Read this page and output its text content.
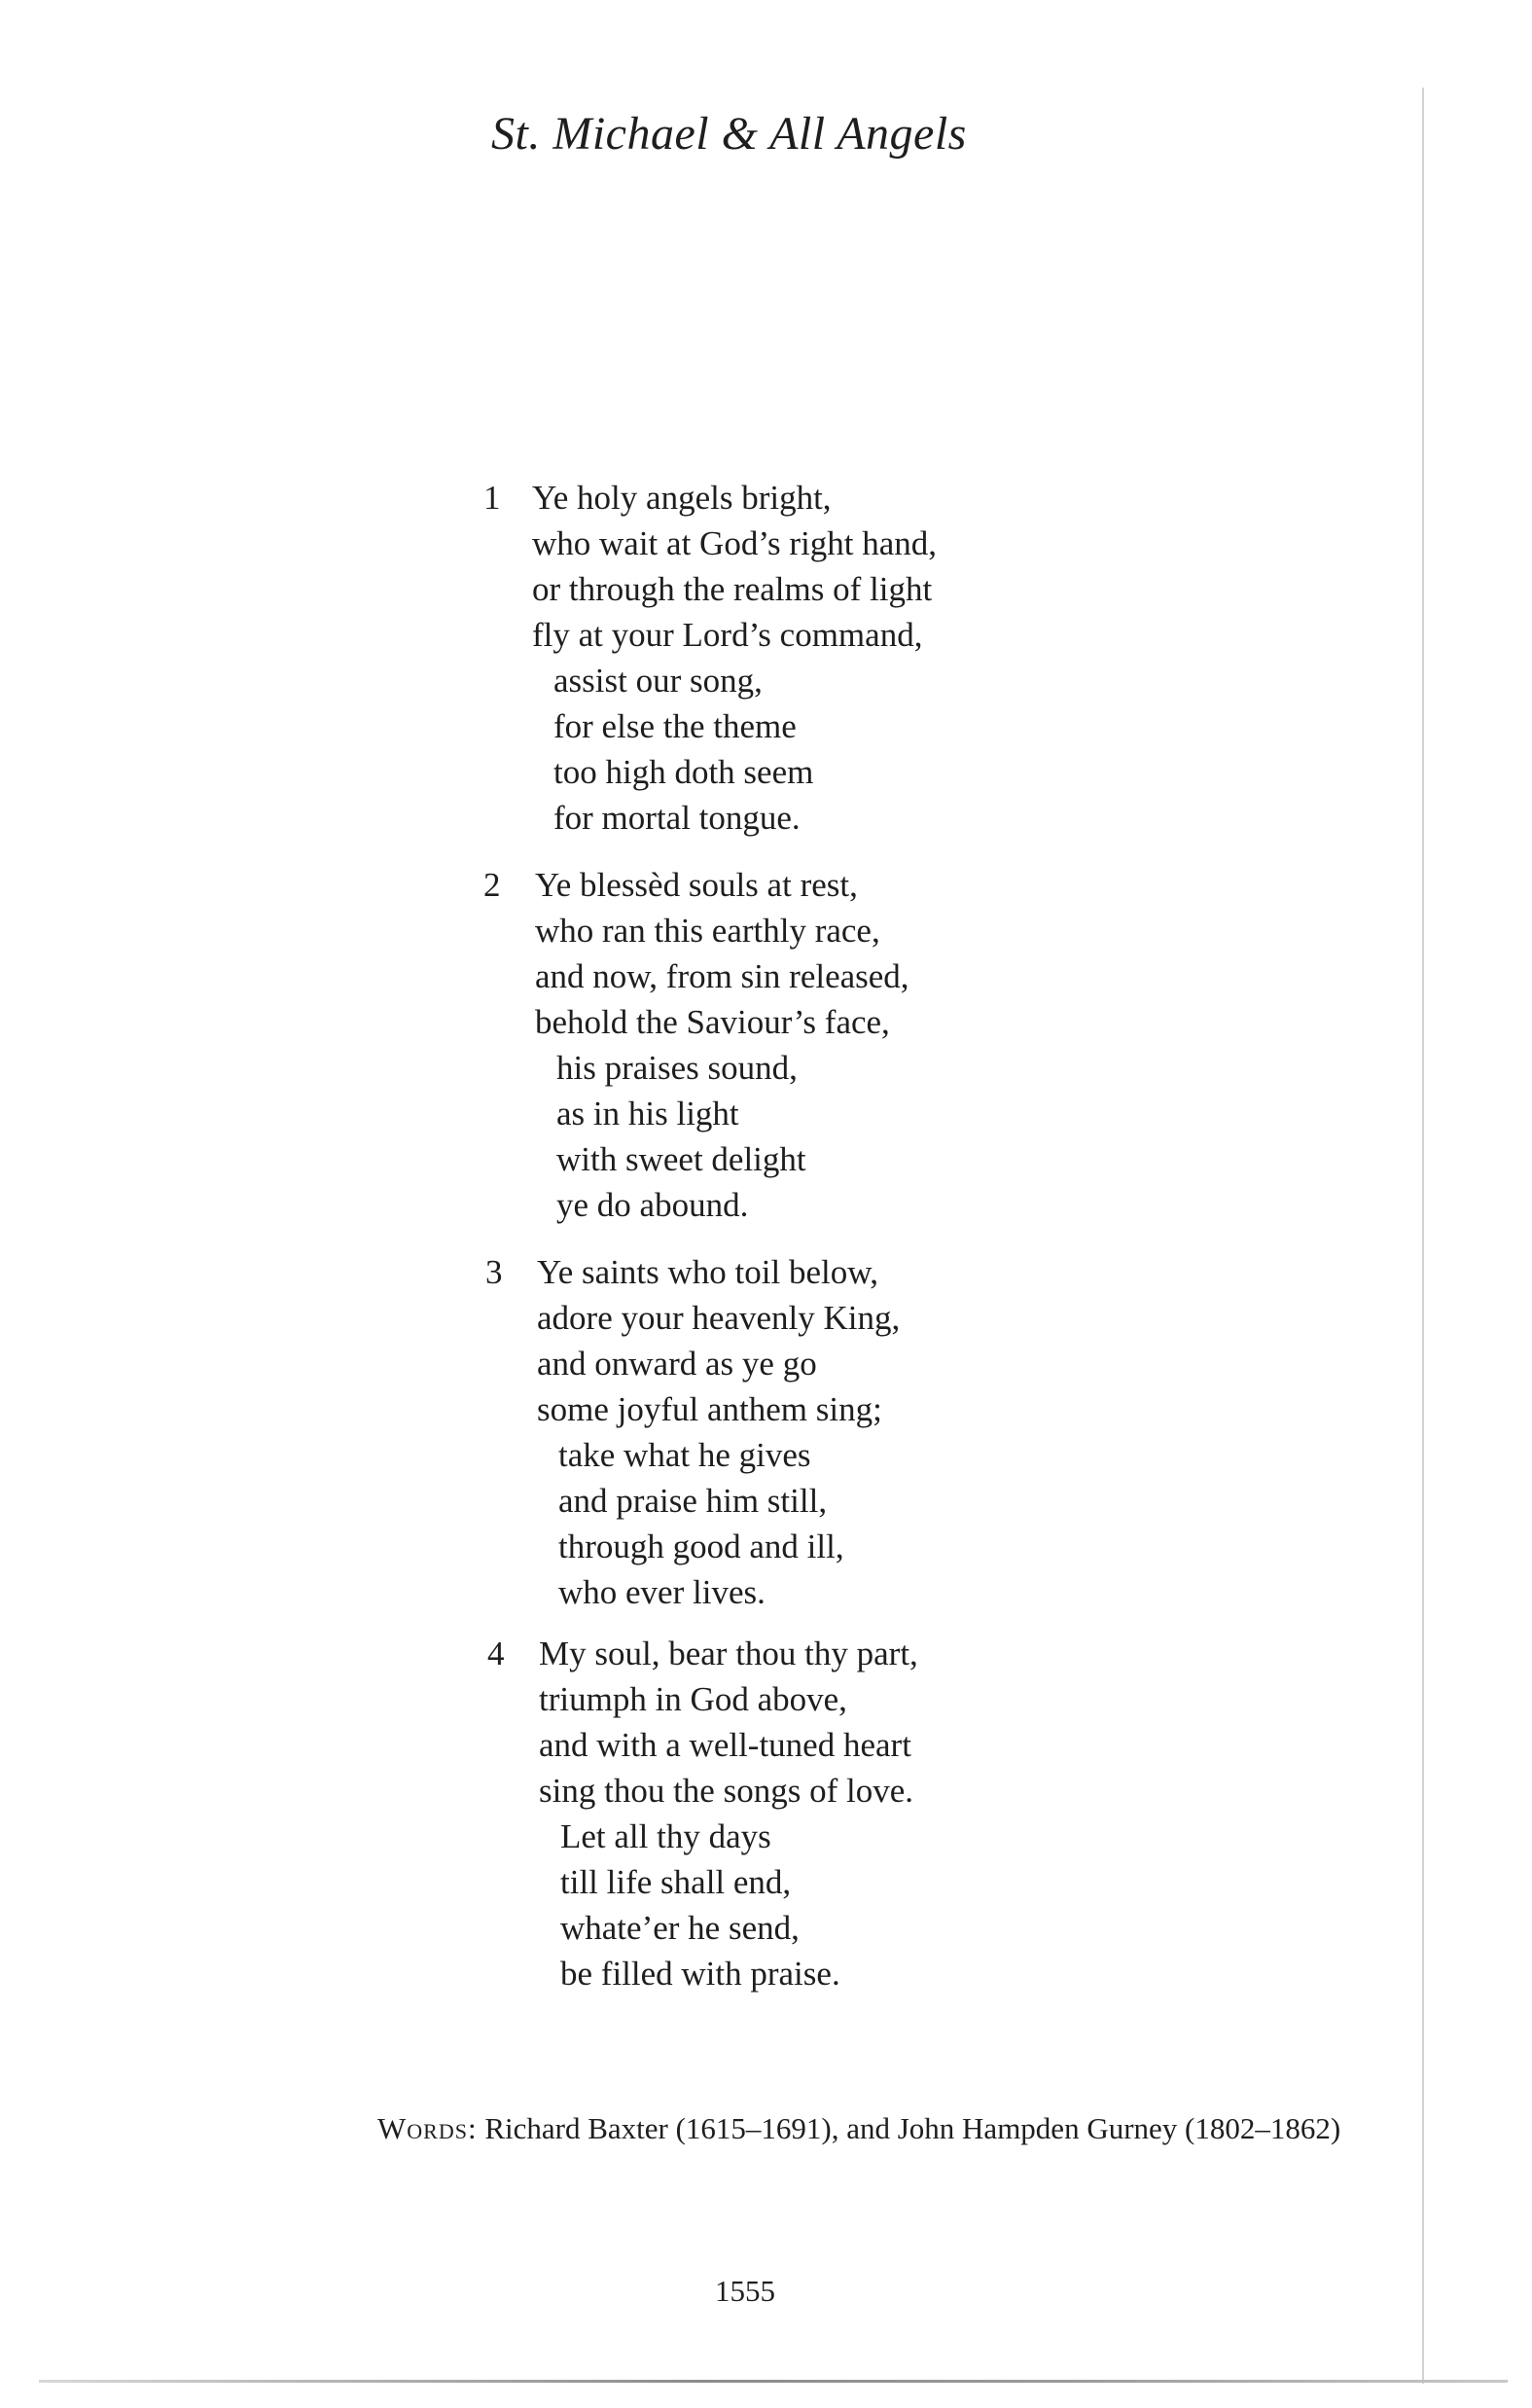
St. Michael & All Angels
1 Ye holy angels bright,
who wait at God’s right hand,
or through the realms of light
fly at your Lord’s command,
assist our song,
for else the theme
too high doth seem
for mortal tongue.
2 Ye blessèd souls at rest,
who ran this earthly race,
and now, from sin released,
behold the Saviour’s face,
his praises sound,
as in his light
with sweet delight
ye do abound.
3 Ye saints who toil below,
adore your heavenly King,
and onward as ye go
some joyful anthem sing;
take what he gives
and praise him still,
through good and ill,
who ever lives.
4 My soul, bear thou thy part,
triumph in God above,
and with a well-tuned heart
sing thou the songs of love.
Let all thy days
till life shall end,
whate’er he send,
be filled with praise.
Words: Richard Baxter (1615–1691), and John Hampden Gurney (1802–1862)
1555
